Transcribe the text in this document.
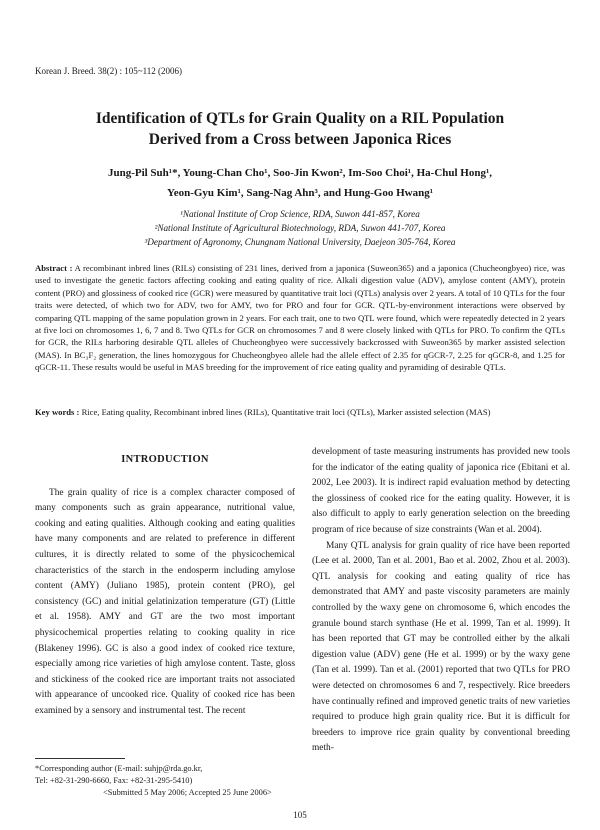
Korean J. Breed. 38(2) : 105~112 (2006)
Identification of QTLs for Grain Quality on a RIL Population
Derived from a Cross between Japonica Rices
Jung-Pil Suh¹*, Young-Chan Cho¹, Soo-Jin Kwon², Im-Soo Choi¹, Ha-Chul Hong¹,
Yeon-Gyu Kim¹, Sang-Nag Ahn³, and Hung-Goo Hwang¹
¹National Institute of Crop Science, RDA, Suwon 441-857, Korea
²National Institute of Agricultural Biotechnology, RDA, Suwon 441-707, Korea
³Department of Agronomy, Chungnam National University, Daejeon 305-764, Korea
Abstract : A recombinant inbred lines (RILs) consisting of 231 lines, derived from a japonica (Suweon365) and a japonica (Chucheongbyeo) rice, was used to investigate the genetic factors affecting cooking and eating quality of rice. Alkali digestion value (ADV), amylose content (AMY), protein content (PRO) and glossiness of cooked rice (GCR) were measured by quantitative trait loci (QTLs) analysis over 2 years. A total of 10 QTLs for the four traits were detected, of which two for ADV, two for AMY, two for PRO and four for GCR. QTL-by-environment interactions were observed by comparing QTL mapping of the same population grown in 2 years. For each trait, one to two QTL were found, which were repeatedly detected in 2 years at five loci on chromosomes 1, 6, 7 and 8. Two QTLs for GCR on chromosomes 7 and 8 were closely linked with QTLs for PRO. To confirm the QTLs for GCR, the RILs harboring desirable QTL alleles of Chucheongbyeo were successively backcrossed with Suweon365 by marker assisted selection (MAS). In BC₃F₂ generation, the lines homozygous for Chucheongbyeo allele had the allele effect of 2.35 for qGCR-7, 2.25 for qGCR-8, and 1.25 for qGCR-11. These results would be useful in MAS breeding for the improvement of rice eating quality and pyramiding of desirable QTLs.
Key words : Rice, Eating quality, Recombinant inbred lines (RILs), Quantitative trait loci (QTLs), Marker assisted selection (MAS)
INTRODUCTION

The grain quality of rice is a complex character composed of many components such as grain appearance, nutritional value, cooking and eating qualities. Although cooking and eating qualities have many components and are related to preference in different cultures, it is directly related to some of the physicochemical characteristics of the starch in the endosperm including amylose content (AMY) (Juliano 1985), protein content (PRO), gel consistency (GC) and initial gelatinization temperature (GT) (Little et al. 1958). AMY and GT are the two most important physicochemical properties relating to cooking quality in rice (Blakeney 1996). GC is also a good index of cooked rice texture, especially among rice varieties of high amylose content. Taste, gloss and stickiness of the cooked rice are important traits not associated with appearance of uncooked rice. Quality of cooked rice has been examined by a sensory and instrumental test. The recent

development of taste measuring instruments has provided new tools for the indicator of the eating quality of japonica rice (Ebitani et al. 2002, Lee 2003). It is indirect rapid evaluation method by detecting the glossiness of cooked rice for the eating quality. However, it is also difficult to apply to early generation selection on the breeding program of rice because of size constraints (Wan et al. 2004).

Many QTL analysis for grain quality of rice have been reported (Lee et al. 2000, Tan et al. 2001, Bao et al. 2002, Zhou et al. 2003). QTL analysis for cooking and eating quality of rice has demonstrated that AMY and paste viscosity parameters are mainly controlled by the waxy gene on chromosome 6, which encodes the granule bound starch synthase (He et al. 1999, Tan et al. 1999). It has been reported that GT may be controlled either by the alkali digestion value (ADV) gene (He et al. 1999) or by the waxy gene (Tan et al. 1999). Tan et al. (2001) reported that two QTLs for PRO were detected on chromosomes 6 and 7, respectively. Rice breeders have continually refined and improved genetic traits of new varieties required to produce high grain quality rice. But it is difficult for breeders to improve rice grain quality by conventional breeding meth-

*Corresponding author (E-mail: suhjp@rda.go.kr,
Tel: +82-31-290-6660, Fax: +82-31-295-5410)
<Submitted 5 May 2006; Accepted 25 June 2006>
105
